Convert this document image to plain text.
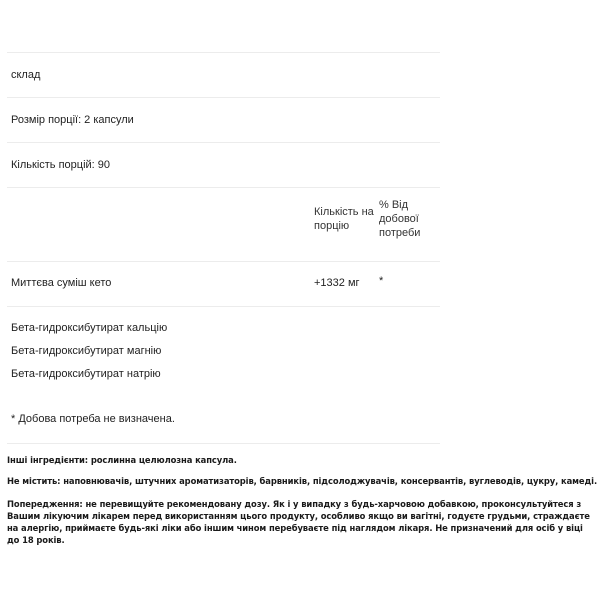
склад
Розмір порції: 2 капсули
Кількість порцій: 90
Кількість на порцію
% Від добової потреби
Миттєва суміш кето	+1332 мг *
Бета-гидроксибутират кальцію
Бета-гидроксибутират магнію
Бета-гидроксибутират натрію
* Добова потреба не визначена.
Інші інгредієнти: рослинна целюлозна капсула.
Не містить: наповнювачів, штучних ароматизаторів, барвників, підсолоджувачів, консервантів, вуглеводів, цукру, камеді.
Попередження: не перевищуйте рекомендовану дозу. Як і у випадку з будь-харчовою добавкою, проконсультуйтеся з Вашим лікуючим лікарем перед використанням цього продукту, особливо якщо ви вагітні, годуєте грудьми, страждаєте на алергію, приймаєте будь-які ліки або іншим чином перебуваєте під наглядом лікаря. Не призначений для осіб у віці до 18 років.
